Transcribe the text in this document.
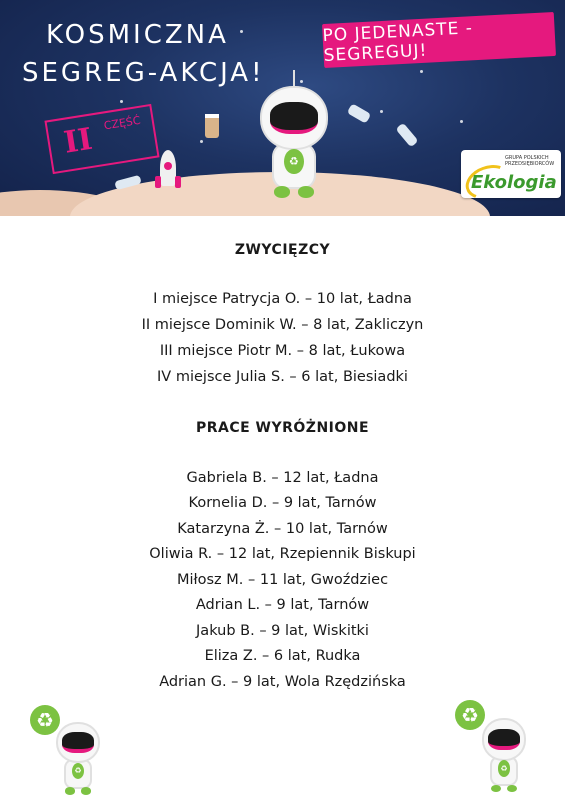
KOSMICZNA
SEGREG-AKCJA!
PO JEDENASTE - SEGREGUJ!
II CZĘŚĆ
♻	GRUPA POLSKICH PRZEDSIĘBIORCÓW
Ekologia
ZWYCIĘZCY
I miejsce Patrycja O. – 10 lat, Ładna
II miejsce Dominik W. – 8 lat, Zakliczyn
III miejsce Piotr M. – 8 lat, Łukowa
IV miejsce Julia S. – 6 lat, Biesiadki
PRACE WYRÓŻNIONE
Gabriela B. – 12 lat, Ładna
Kornelia D. – 9 lat, Tarnów
Katarzyna Ż. – 10 lat, Tarnów
Oliwia R. – 12 lat, Rzepiennik Biskupi
Miłosz M. – 11 lat, Gwoździec
Adrian L. – 9 lat, Tarnów
Jakub B. – 9 lat, Wiskitki
Eliza Z. – 6 lat, Rudka
Adrian G. – 9 lat, Wola Rzędzińska
♻
♻
♻
♻
